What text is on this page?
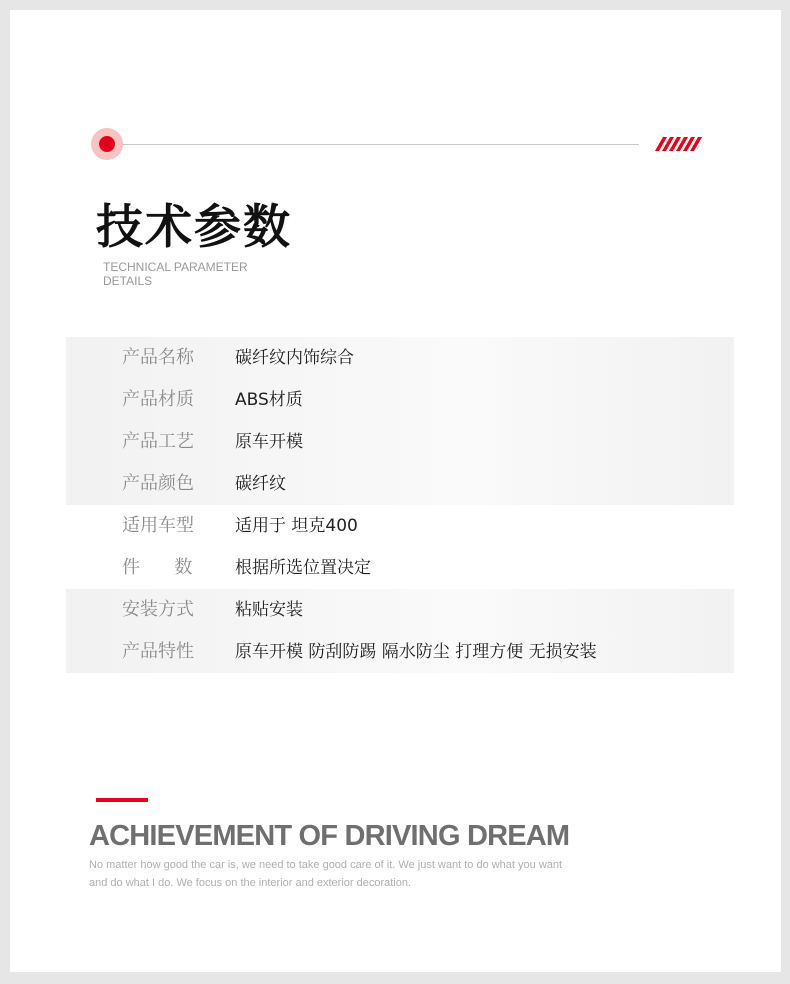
技术参数
TECHNICAL PARAMETER
DETAILS
产品名称 碳纤纹内饰综合
产品材质 ABS材质
产品工艺 原车开模
产品颜色 碳纤纹
适用车型 适用于 坦克400
件      数	根据所选位置决定
安装方式 粘贴安装
产品特性 原车开模 防刮防踢 隔水防尘 打理方便 无损安装
ACHIEVEMENT OF DRIVING DREAM
No matter how good the car is, we need to take good care of it. We just want to do what you want
and do what I do. We focus on the interior and exterior decoration.
